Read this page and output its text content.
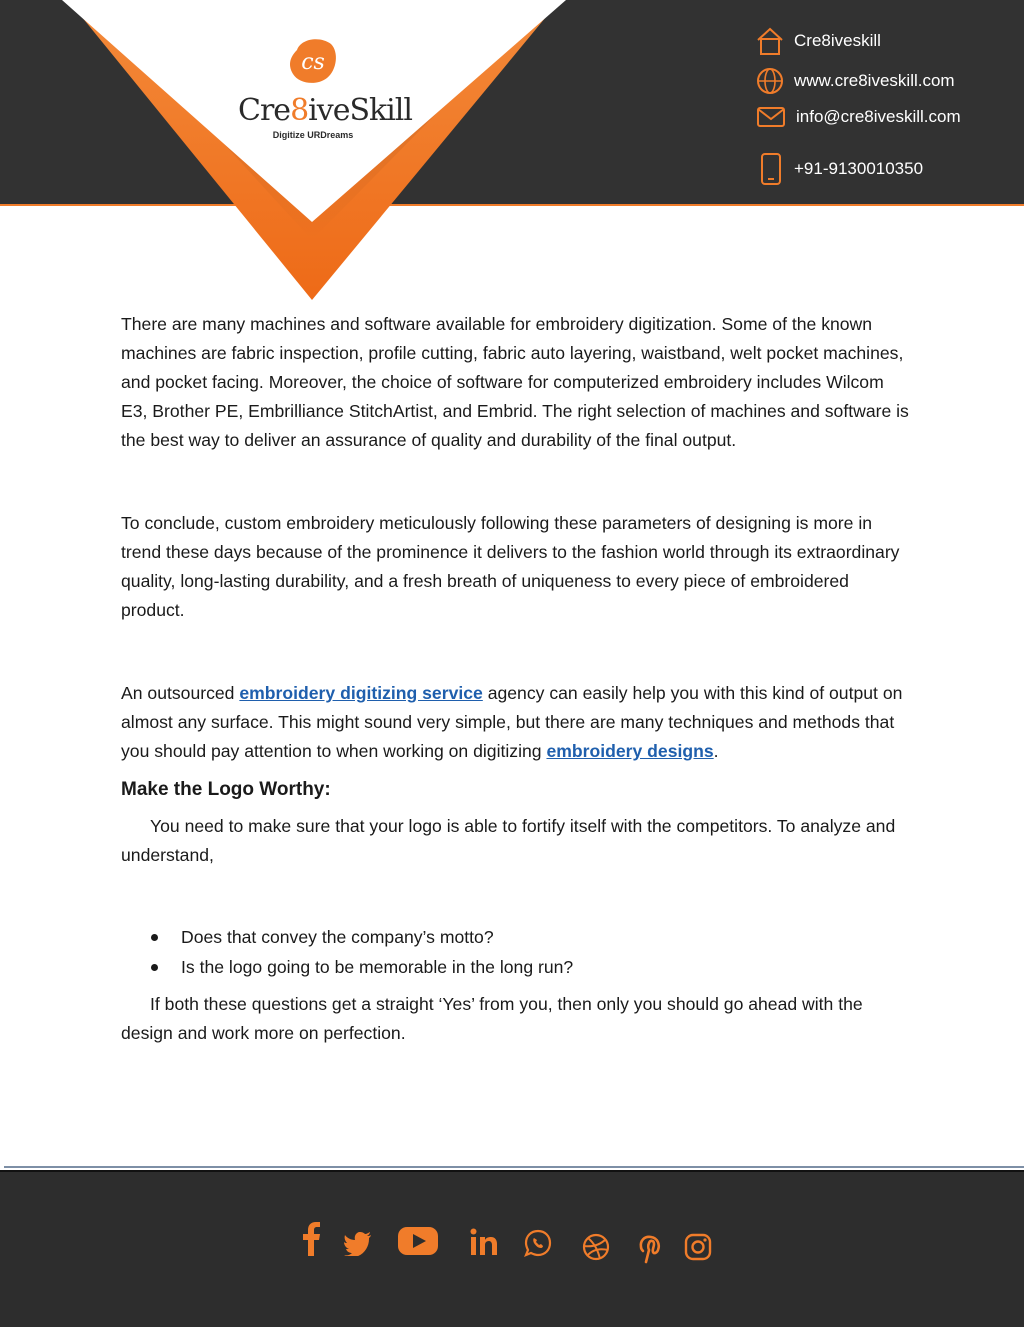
cs
Cre8iveSkill
Digitize URDreams
Cre8iveskill
www.cre8iveskill.com
info@cre8iveskill.com
+91-9130010350

There are many machines and software available for embroidery digitization. Some of the known machines are fabric inspection, profile cutting, fabric auto layering, waistband, welt pocket machines, and pocket facing. Moreover, the choice of software for computerized embroidery includes Wilcom E3, Brother PE, Embrilliance StitchArtist, and Embrid. The right selection of machines and software is the best way to deliver an assurance of quality and durability of the final output.

To conclude, custom embroidery meticulously following these parameters of designing is more in trend these days because of the prominence it delivers to the fashion world through its extraordinary quality, long-lasting durability, and a fresh breath of uniqueness to every piece of embroidered product.

An outsourced embroidery digitizing service agency can easily help you with this kind of output on almost any surface. This might sound very simple, but there are many techniques and methods that you should pay attention to when working on digitizing embroidery designs.

Make the Logo Worthy:

You need to make sure that your logo is able to fortify itself with the competitors. To analyze and understand,

Does that convey the company’s motto?
Is the logo going to be memorable in the long run?

If both these questions get a straight ‘Yes’ from you, then only you should go ahead with the design and work more on perfection.
